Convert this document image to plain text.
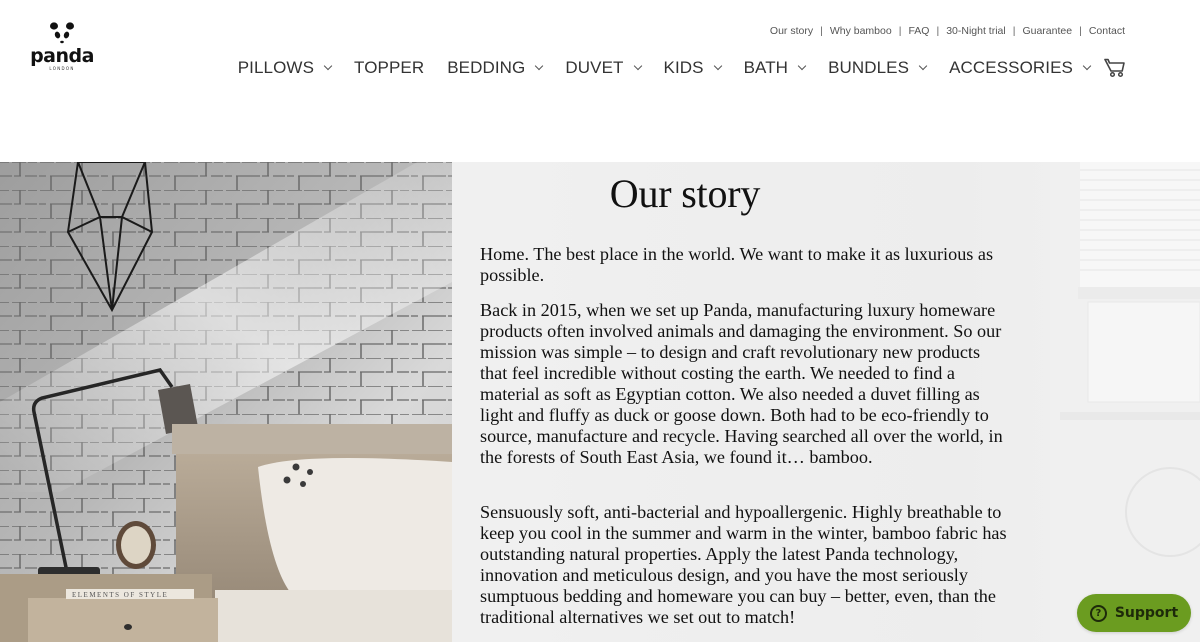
panda
LONDON
Our story | Why bamboo | FAQ | 30-Night trial | Guarantee | Contact
PILLOWS TOPPER BEDDING DUVET KIDS BATH BUNDLES ACCESSORIES
ELEMENTS OF STYLE
Our story

Home. The best place in the world. We want to make it as luxurious as possible.

Back in 2015, when we set up Panda, manufacturing luxury homeware products often involved animals and damaging the environment. So our mission was simple – to design and craft revolutionary new products that feel incredible without costing the earth. We needed to find a material as soft as Egyptian cotton. We also needed a duvet filling as light and fluffy as duck or goose down. Both had to be eco-friendly to source, manufacture and recycle. Having searched all over the world, in the forests of South East Asia, we found it… bamboo.

Sensuously soft, anti-bacterial and hypoallergenic. Highly breathable to keep you cool in the summer and warm in the winter, bamboo fabric has outstanding natural properties. Apply the latest Panda technology, innovation and meticulous design, and you have the most seriously sumptuous bedding and homeware you can buy – better, even, than the traditional alternatives we set out to match!	? Support
